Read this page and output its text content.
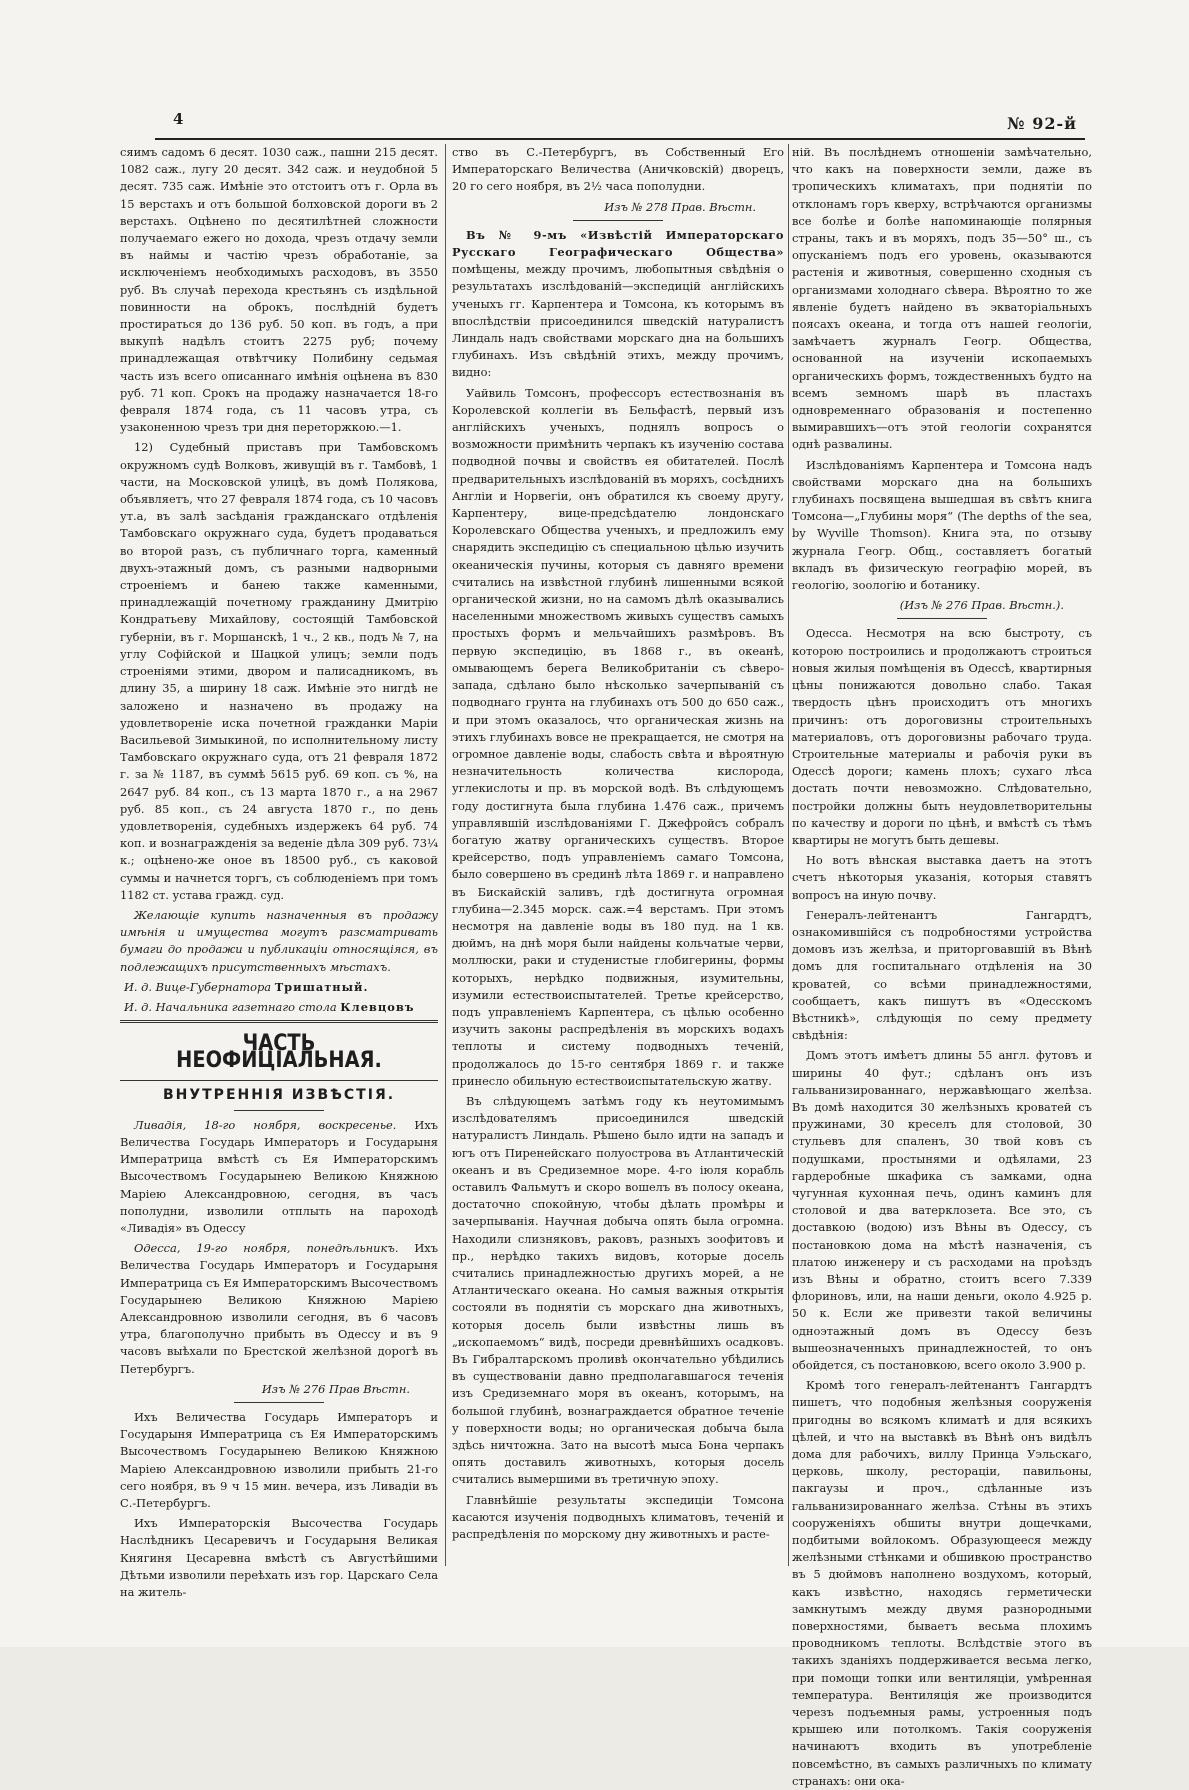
4	№ 92-й

сяимъ садомъ 6 десят. 1030 саж., пашни 215 десят. 1082 саж., лугу 20 десят. 342 саж. и неудобной 5 десят. 735 саж. Имѣніе это отстоитъ отъ г. Орла въ 15 верстахъ и отъ большой болховской дороги въ 2 верстахъ. Оцѣнено по десятилѣтней сложности получаемаго ежего но дохода, чрезъ отдачу земли въ наймы и частію чрезъ обработаніе, за исключеніемъ необходимыхъ расходовъ, въ 3550 руб. Въ случаѣ перехода крестьянъ съ издѣльной повинности на оброкъ, послѣдній будетъ простираться до 136 руб. 50 коп. въ годъ, а при выкупѣ надѣлъ стоитъ 2275 руб; почему принадлежащая отвѣтчику Полибину седьмая часть изъ всего описаннаго имѣнія оцѣнена въ 830 руб. 71 коп. Срокъ на продажу назначается 18-го февраля 1874 года, съ 11 часовъ утра, съ узаконенною чрезъ три дня переторжкою.—1.

12) Судебный приставъ при Тамбовскомъ окружномъ судѣ Волковъ, живущій въ г. Тамбовѣ, 1 части, на Московской улицѣ, въ домѣ Полякова, объявляетъ, что 27 февраля 1874 года, съ 10 часовъ ут.а, въ залѣ засѣданія гражданскаго отдѣленія Тамбовскаго окружнаго суда, будетъ продаваться во второй разъ, съ публичнаго торга, каменный двухъ-этажный домъ, съ разными надворными строеніемъ и банею также каменными, принадлежащій почетному гражданину Дмитрію Кондратьеву Михайлову, состоящій Тамбовской губерніи, въ г. Моршанскѣ, 1 ч., 2 кв., подъ № 7, на углу Софійской и Шацкой улицъ; земли подъ строеніями этими, двором и палисадникомъ, въ длину 35, а ширину 18 саж. Имѣніе это нигдѣ не заложено и назначено въ продажу на удовлетвореніе иска почетной гражданки Маріи Васильевой Зимыкиной, по исполнительному листу Тамбовскаго окружнаго суда, отъ 21 февраля 1872 г. за № 1187, въ суммѣ 5615 руб. 69 коп. съ %, на 2647 руб. 84 коп., съ 13 марта 1870 г., а на 2967 руб. 85 коп., съ 24 августа 1870 г., по день удовлетворенія, судебныхъ издержекъ 64 руб. 74 коп. и вознагражденія за веденіе дѣла 309 руб. 73¼ к.; оцѣнено-же оное въ 18500 руб., съ каковой суммы и начнется торгъ, съ соблюденіемъ при томъ 1182 ст. устава гражд. суд.

Желающіе купить назначенныя въ продажу имѣнія и имущества могутъ разсматривать бумаги до продажи и публикаціи относящіяся, въ подлежащихъ присутственныхъ мѣстахъ.

И. д. Вице-Губернатора Тришатный.

И. д. Начальника газетнаго стола Клевцовъ

ЧАСТЬ НЕОФИЦІАЛЬНАЯ.
ВНУТРЕННІЯ ИЗВѢСТІЯ.

Ливадія, 18-го ноября, воскресенье. Ихъ Величества Государь Императоръ и Государыня Императрица вмѣстѣ съ Ея Императорскимъ Высочествомъ Государынею Великою Княжною Маріею Александровною, сегодня, въ часъ пополудни, изволили отплыть на пароходѣ «Ливадія» въ Одессу

Одесса, 19-го ноября, понедѣльникъ. Ихъ Величества Государь Императоръ и Государыня Императрица съ Ея Императорскимъ Высочествомъ Государынею Великою Княжною Маріею Александровною изволили сегодня, въ 6 часовъ утра, благополучно прибыть въ Одессу и въ 9 часовъ выѣхали по Брестской желѣзной дорогѣ въ Петербургъ.

Изъ № 276 Прав Вѣстн.

Ихъ Величества Государь Императоръ и Государыня Императрица съ Ея Императорскимъ Высочествомъ Государынею Великою Княжною Маріею Александровною изволили прибыть 21-го сего ноября, въ 9 ч 15 мин. вечера, изъ Ливадіи въ С.-Петербургъ.

Ихъ Императорскія Высочества Государь Наслѣдникъ Цесаревичъ и Государыня Великая Княгиня Цесаревна вмѣстѣ съ Августѣйшими Дѣтьми изволили переѣхать изъ гор. Царскаго Села на житель-

ство въ С.-Петербургъ, въ Собственный Его Императорскаго Величества (Аничковскій) дворецъ, 20 го сего ноября, въ 2½ часа пополудни.

Изъ № 278 Прав. Вѣстн.

Въ № 9-мъ «Извѣстій Императорскаго Русскаго Географическаго Общества» помѣщены, между прочимъ, любопытныя свѣдѣнія о результатахъ изслѣдованій—экспедицій англійскихъ ученыхъ гг. Карпентера и Томсона, къ которымъ въ впослѣдствіи присоединился шведскій натуралистъ Линдаль надъ свойствами морскаго дна на большихъ глубинахъ. Изъ свѣдѣній этихъ, между прочимъ, видно:

Уайвиль Томсонъ, профессоръ естествознанія въ Королевской коллегіи въ Бельфастѣ, первый изъ англійскихъ ученыхъ, поднялъ вопросъ о возможности примѣнить черпакъ къ изученію состава подводной почвы и свойствъ ея обитателей. Послѣ предварительныхъ изслѣдованій въ моряхъ, сосѣднихъ Англіи и Норвегіи, онъ обратился къ своему другу, Карпентеру, вице-предсѣдателю лондонскаго Королевскаго Общества ученыхъ, и предложилъ ему снарядить экспедицію съ специальною цѣлью изучить океаническія пучины, которыя съ давняго времени считались на извѣстной глубинѣ лишенными всякой органической жизни, но на самомъ дѣлѣ оказывались населенными множествомъ живыхъ существъ самыхъ простыхъ формъ и мельчайшихъ размѣровъ. Въ первую экспедицію, въ 1868 г., въ океанѣ, омывающемъ берега Великобританіи съ сѣверо-запада, сдѣлано было нѣсколько зачерпываній съ подводнаго грунта на глубинахъ отъ 500 до 650 саж., и при этомъ оказалось, что органическая жизнь на этихъ глубинахъ вовсе не прекращается, не смотря на огромное давленіе воды, слабость свѣта и вѣроятную незначительность количества кислорода, углекислоты и пр. въ морской водѣ. Въ слѣдующемъ году достигнута была глубина 1.476 саж., причемъ управлявшій изслѣдованіями Г. Джефройсъ собралъ богатую жатву органическихъ существъ. Второе крейсерство, подъ управленіемъ самаго Томсона, было совершено въ срединѣ лѣта 1869 г. и направлено въ Бискайскій заливъ, гдѣ достигнута огромная глубина—2.345 морск. саж.=4 верстамъ. При этомъ несмотря на давленіе воды въ 180 пуд. на 1 кв. дюймъ, на днѣ моря были найдены кольчатые черви, моллюски, раки и студенистые глобигерины, формы которыхъ, нерѣдко подвижныя, изумительны, изумили естествоиспытателей. Третье крейсерство, подъ управленіемъ Карпентера, съ цѣлью особенно изучить законы распредѣленія въ морскихъ водахъ теплоты и систему подводныхъ теченій, продолжалось до 15-го сентября 1869 г. и также принесло обильную естествоиспытательскую жатву.

Въ слѣдующемъ затѣмъ году къ неутомимымъ изслѣдователямъ присоединился шведскій натуралистъ Линдаль. Рѣшено было идти на западъ и югъ отъ Пиренейскаго полуострова въ Атлантическій океанъ и въ Средиземное море. 4-го іюля корабль оставилъ Фальмутъ и скоро вошелъ въ полосу океана, достаточно спокойную, чтобы дѣлать промѣры и зачерпыванія. Научная добыча опять была огромна. Находили слизняковъ, раковъ, разныхъ зоофитовъ и пр., нерѣдко такихъ видовъ, которые досель считались принадлежностью другихъ морей, а не Атлантическаго океана. Но самыя важныя открытія состояли въ поднятіи съ морскаго дна животныхъ, которыя досель были извѣстны лишь въ „ископаемомъ“ видѣ, посреди древнѣйшихъ осадковъ. Въ Гибралтарскомъ проливѣ окончательно убѣдились въ существованіи давно предполагавшагося теченія изъ Средиземнаго моря въ океанъ, которымъ, на большой глубинѣ, вознаграждается обратное теченіе у поверхности воды; но органическая добыча была здѣсь ничтожна. Зато на высотѣ мыса Бона черпакъ опять доставилъ животныхъ, которыя досель считались вымершими въ третичную эпоху.

Главнѣйшіе результаты экспедиціи Томсона касаются изученія подводныхъ климатовъ, теченій и распредѣленія по морскому дну животныхъ и расте-

ній. Въ послѣднемъ отношеніи замѣчательно, что какъ на поверхности земли, даже въ тропическихъ климатахъ, при поднятіи по отклонамъ горъ кверху, встрѣчаются организмы все болѣе и болѣе напоминающіе полярныя страны, такъ и въ моряхъ, подъ 35—50° ш., съ опусканіемъ подъ его уровень, оказываются растенія и животныя, совершенно сходныя съ организмами холоднаго сѣвера. Вѣроятно то же явленіе будетъ найдено въ экваторіальныхъ поясахъ океана, и тогда отъ нашей геологіи, замѣчаетъ журналъ Геогр. Общества, основанной на изученіи ископаемыхъ органическихъ формъ, тождественныхъ будто на всемъ земномъ шарѣ въ пластахъ одновременнаго образованія и постепенно вымиравшихъ—отъ этой геологіи сохранятся однѣ развалины.

Изслѣдованіямъ Карпентера и Томсона надъ свойствами морскаго дна на большихъ глубинахъ посвящена вышедшая въ свѣтъ книга Томсона—„Глубины моря“ (The depths of the sea, by Wyville Thomson). Книга эта, по отзыву журнала Геогр. Общ., составляетъ богатый вкладъ въ физическую географію морей, въ геологію, зоологію и ботанику.

(Изъ № 276 Прав. Вѣстн.).

Одесса. Несмотря на всю быстроту, съ которою построились и продолжаютъ строиться новыя жилыя помѣщенія въ Одессѣ, квартирныя цѣны понижаются довольно слабо. Такая твердость цѣнъ происходитъ отъ многихъ причинъ: отъ дороговизны строительныхъ материаловъ, отъ дороговизны рабочаго труда. Строительные материалы и рабочія руки въ Одессѣ дороги; камень плохъ; сухаго лѣса достать почти невозможно. Слѣдовательно, постройки должны быть неудовлетворительны по качеству и дороги по цѣнѣ, и вмѣстѣ съ тѣмъ квартиры не могутъ быть дешевы.

Но вотъ вѣнская выставка даетъ на этотъ счетъ нѣкоторыя указанія, которыя ставятъ вопросъ на иную почву.

Генералъ-лейтенантъ Гангардтъ, ознакомившійся съ подробностями устройства домовъ изъ желѣза, и приторговавшій въ Вѣнѣ домъ для госпитальнаго отдѣленія на 30 кроватей, со всѣми принадлежностями, сообщаетъ, какъ пишутъ въ «Одесскомъ Вѣстникѣ», слѣдующія по сему предмету свѣдѣнія:

Домъ этотъ имѣетъ длины 55 англ. футовъ и ширины 40 фут.; сдѣланъ онъ изъ гальванизированнаго, нержавѣющаго желѣза. Въ домѣ находится 30 желѣзныхъ кроватей съ пружинами, 30 креселъ для столовой, 30 стульевъ для спаленъ, 30 твой ковъ съ подушками, простынями и одѣялами, 23 гардеробные шкафика съ замками, одна чугунная кухонная печь, одинъ каминъ для столовой и два ватерклозета. Все это, съ доставкою (водою) изъ Вѣны въ Одессу, съ постановкою дома на мѣстѣ назначенія, съ платою инженеру и съ расходами на проѣздъ изъ Вѣны и обратно, стоитъ всего 7.339 флориновъ, или, на наши деньги, около 4.925 р. 50 к. Если же привезти такой величины одноэтажный домъ въ Одессу безъ вышеозначенныхъ принадлежностей, то онъ обойдется, съ постановкою, всего около 3.900 р.

Кромѣ того генералъ-лейтенантъ Гангардтъ пишетъ, что подобныя желѣзныя сооруженія пригодны во всякомъ климатѣ и для всякихъ цѣлей, и что на выставкѣ въ Вѣнѣ онъ видѣлъ дома для рабочихъ, виллу Принца Уэльскаго, церковь, школу, рестораціи, павильоны, пакгаузы и проч., сдѣланные изъ гальванизированнаго желѣза. Стѣны въ этихъ сооруженіяхъ обшиты внутри дощечками, подбитыми войлокомъ. Образующееся между желѣзными стѣнками и обшивкою пространство въ 5 дюймовъ наполнено воздухомъ, который, какъ извѣстно, находясь герметически замкнутымъ между двумя разнородными поверхностями, бываетъ весьма плохимъ проводникомъ теплоты. Вслѣдствіе этого въ такихъ зданіяхъ поддерживается весьма легко, при помощи топки или вентиляціи, умѣренная температура. Вентиляція же производится черезъ подъемныя рамы, устроенныя подъ крышею или потолкомъ. Такія сооруженія начинаютъ входить въ употребленіе повсемѣстно, въ самыхъ различныхъ по климату странахъ: они ока-
